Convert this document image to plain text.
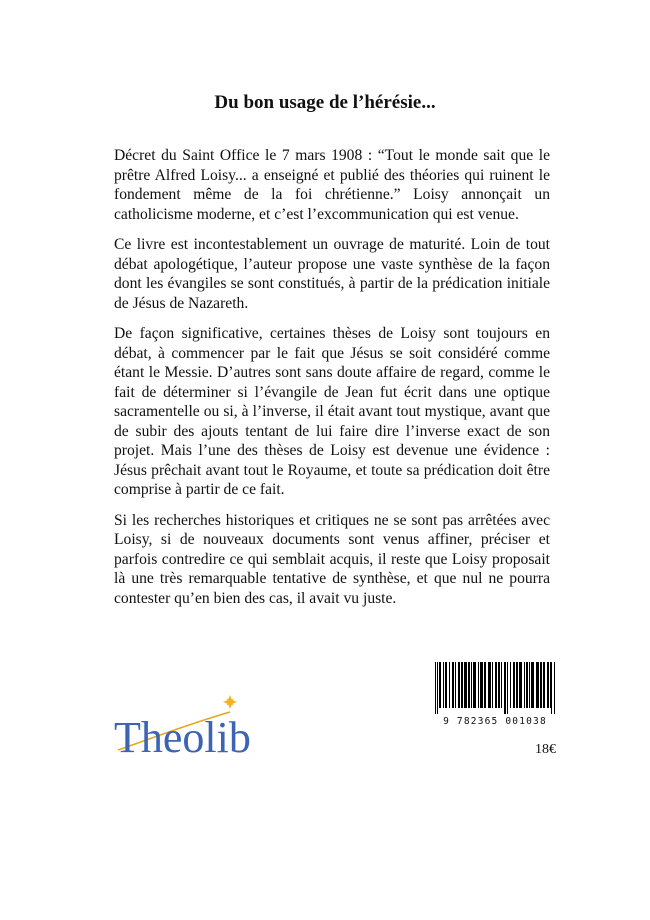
Du bon usage de l’hérésie...

Décret du Saint Office le 7 mars 1908 : “Tout le monde sait que le prêtre Alfred Loisy... a enseigné et publié des théories qui ruinent le fondement même de la foi chrétienne.” Loisy annonçait un catholicisme moderne, et c’est l’excommunication qui est venue.

Ce livre est incontestablement un ouvrage de maturité. Loin de tout débat apologétique, l’auteur propose une vaste synthèse de la façon dont les évangiles se sont constitués, à partir de la prédication initiale de Jésus de Nazareth.

De façon significative, certaines thèses de Loisy sont toujours en débat, à commencer par le fait que Jésus se soit considéré comme étant le Messie. D’autres sont sans doute affaire de regard, comme le fait de déterminer si l’évangile de Jean fut écrit dans une optique sacramentelle ou si, à l’inverse, il était avant tout mystique, avant que de subir des ajouts tentant de lui faire dire l’inverse exact de son projet. Mais l’une des thèses de Loisy est devenue une évidence : Jésus prêchait avant tout le Royaume, et toute sa prédication doit être comprise à partir de ce fait.

Si les recherches historiques et critiques ne se sont pas arrêtées avec Loisy, si de nouveaux documents sont venus affiner, préciser et parfois contredire ce qui semblait acquis, il reste que Loisy proposait là une très remarquable tentative de synthèse, et que nul ne pourra contester qu’en bien des cas, il avait vu juste.

Theolib	9 782365 001038
18€
